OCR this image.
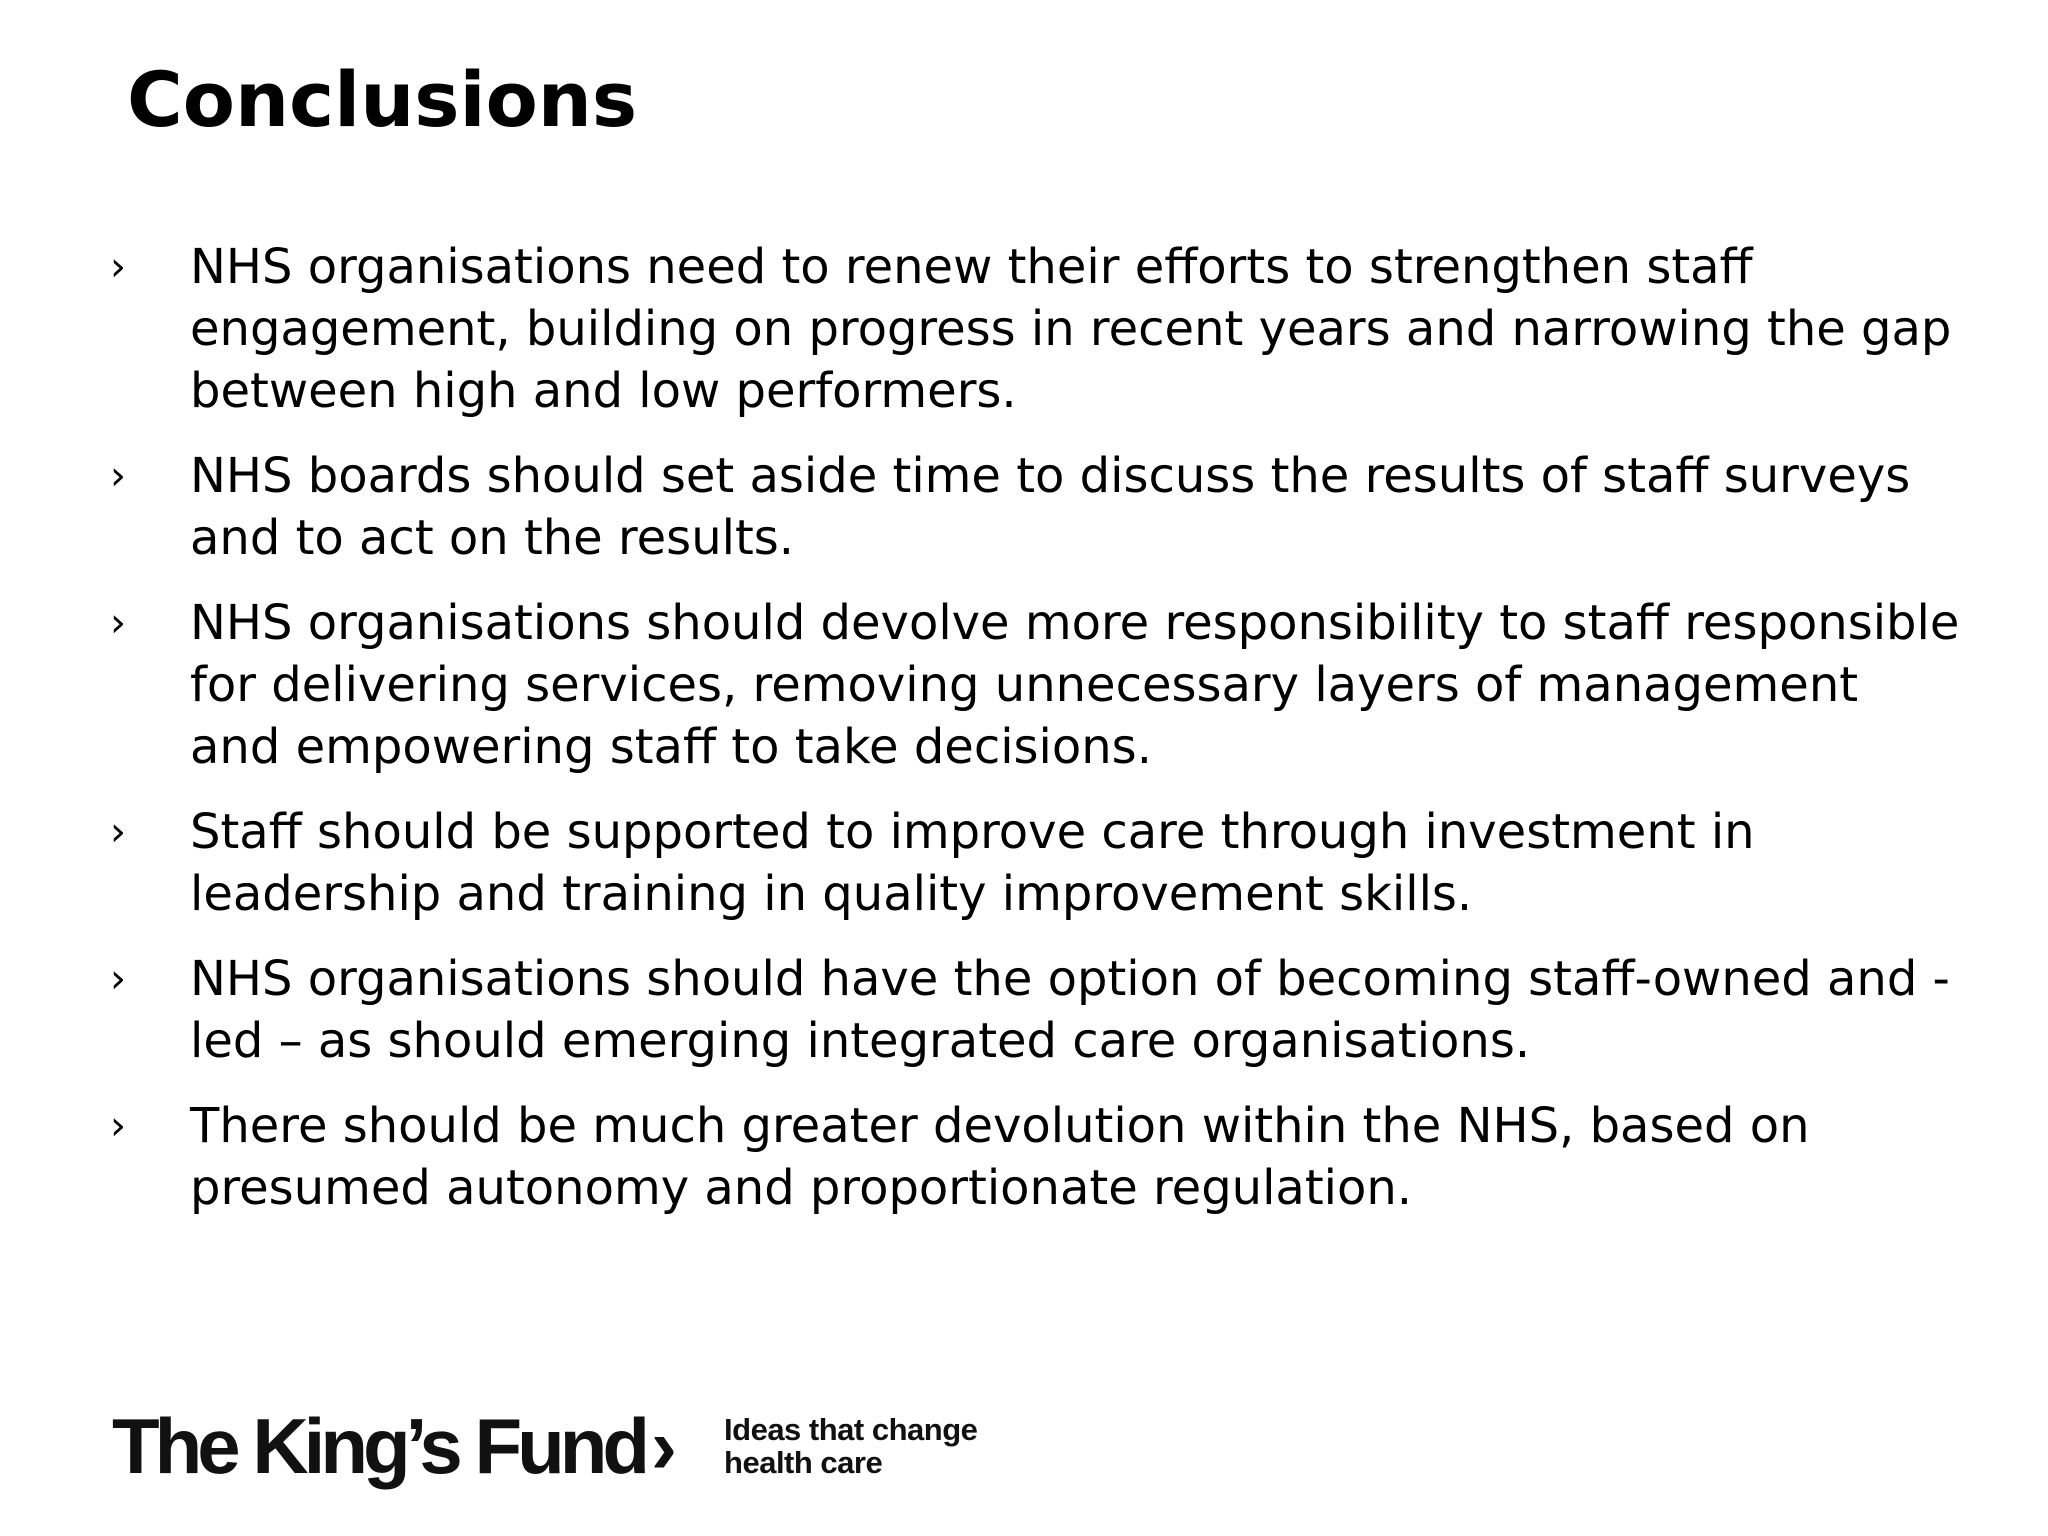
Conclusions
› NHS organisations need to renew their efforts to strengthen staff engagement, building on progress in recent years and narrowing the gap between high and low performers.
› NHS boards should set aside time to discuss the results of staff surveys and to act on the results.
› NHS organisations should devolve more responsibility to staff responsible for delivering services, removing unnecessary layers of management and empowering staff to take decisions.
› Staff should be supported to improve care through investment in leadership and training in quality improvement skills.
› NHS organisations should have the option of becoming staff-owned and -led – as should emerging integrated care organisations.
› There should be much greater devolution within the NHS, based on presumed autonomy and proportionate regulation.
The King’s Fund› Ideas that change
health care
